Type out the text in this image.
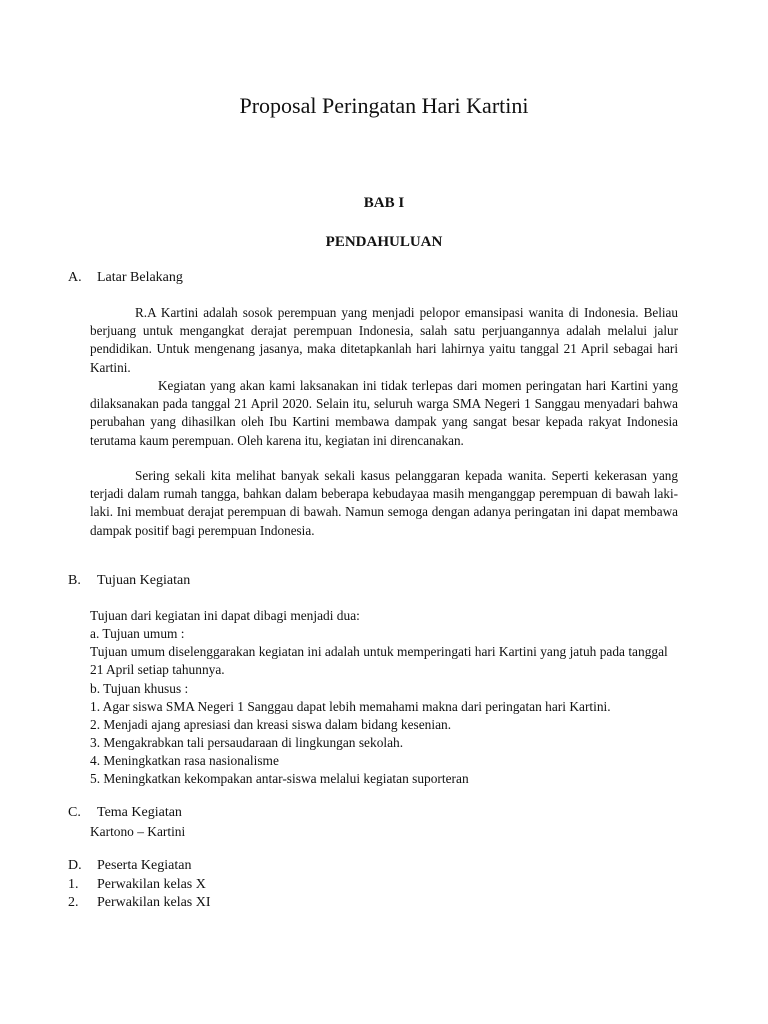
Proposal Peringatan Hari Kartini
BAB I
PENDAHULUAN
A. Latar Belakang

R.A Kartini adalah sosok perempuan yang menjadi pelopor emansipasi wanita di Indonesia. Beliau berjuang untuk mengangkat derajat perempuan Indonesia, salah satu perjuangannya adalah melalui jalur pendidikan. Untuk mengenang jasanya, maka ditetapkanlah hari lahirnya yaitu tanggal 21 April sebagai hari Kartini.

Kegiatan yang akan kami laksanakan ini tidak terlepas dari momen peringatan hari Kartini yang dilaksanakan pada tanggal 21 April 2020. Selain itu, seluruh warga SMA Negeri 1 Sanggau menyadari bahwa perubahan yang dihasilkan oleh Ibu Kartini membawa dampak yang sangat besar kepada rakyat Indonesia terutama kaum perempuan. Oleh karena itu, kegiatan ini direncanakan.

Sering sekali kita melihat banyak sekali kasus pelanggaran kepada wanita. Seperti kekerasan yang terjadi dalam rumah tangga, bahkan dalam beberapa kebudayaa masih menganggap perempuan di bawah laki-laki. Ini membuat derajat perempuan di bawah. Namun semoga dengan adanya peringatan ini dapat membawa dampak positif bagi perempuan Indonesia.

B. Tujuan Kegiatan

Tujuan dari kegiatan ini dapat dibagi menjadi dua:

a. Tujuan umum :

Tujuan umum diselenggarakan kegiatan ini adalah untuk memperingati hari Kartini yang jatuh pada tanggal 21 April setiap tahunnya.

b. Tujuan khusus :

1. Agar siswa SMA Negeri 1 Sanggau dapat lebih memahami makna dari peringatan hari Kartini.

2. Menjadi ajang apresiasi dan kreasi siswa dalam bidang kesenian.

3. Mengakrabkan tali persaudaraan di lingkungan sekolah.

4. Meningkatkan rasa nasionalisme

5. Meningkatkan kekompakan antar-siswa melalui kegiatan suporteran

C. Tema Kegiatan

Kartono – Kartini

D. Peserta Kegiatan
1. Perwakilan kelas X
2. Perwakilan kelas XI
